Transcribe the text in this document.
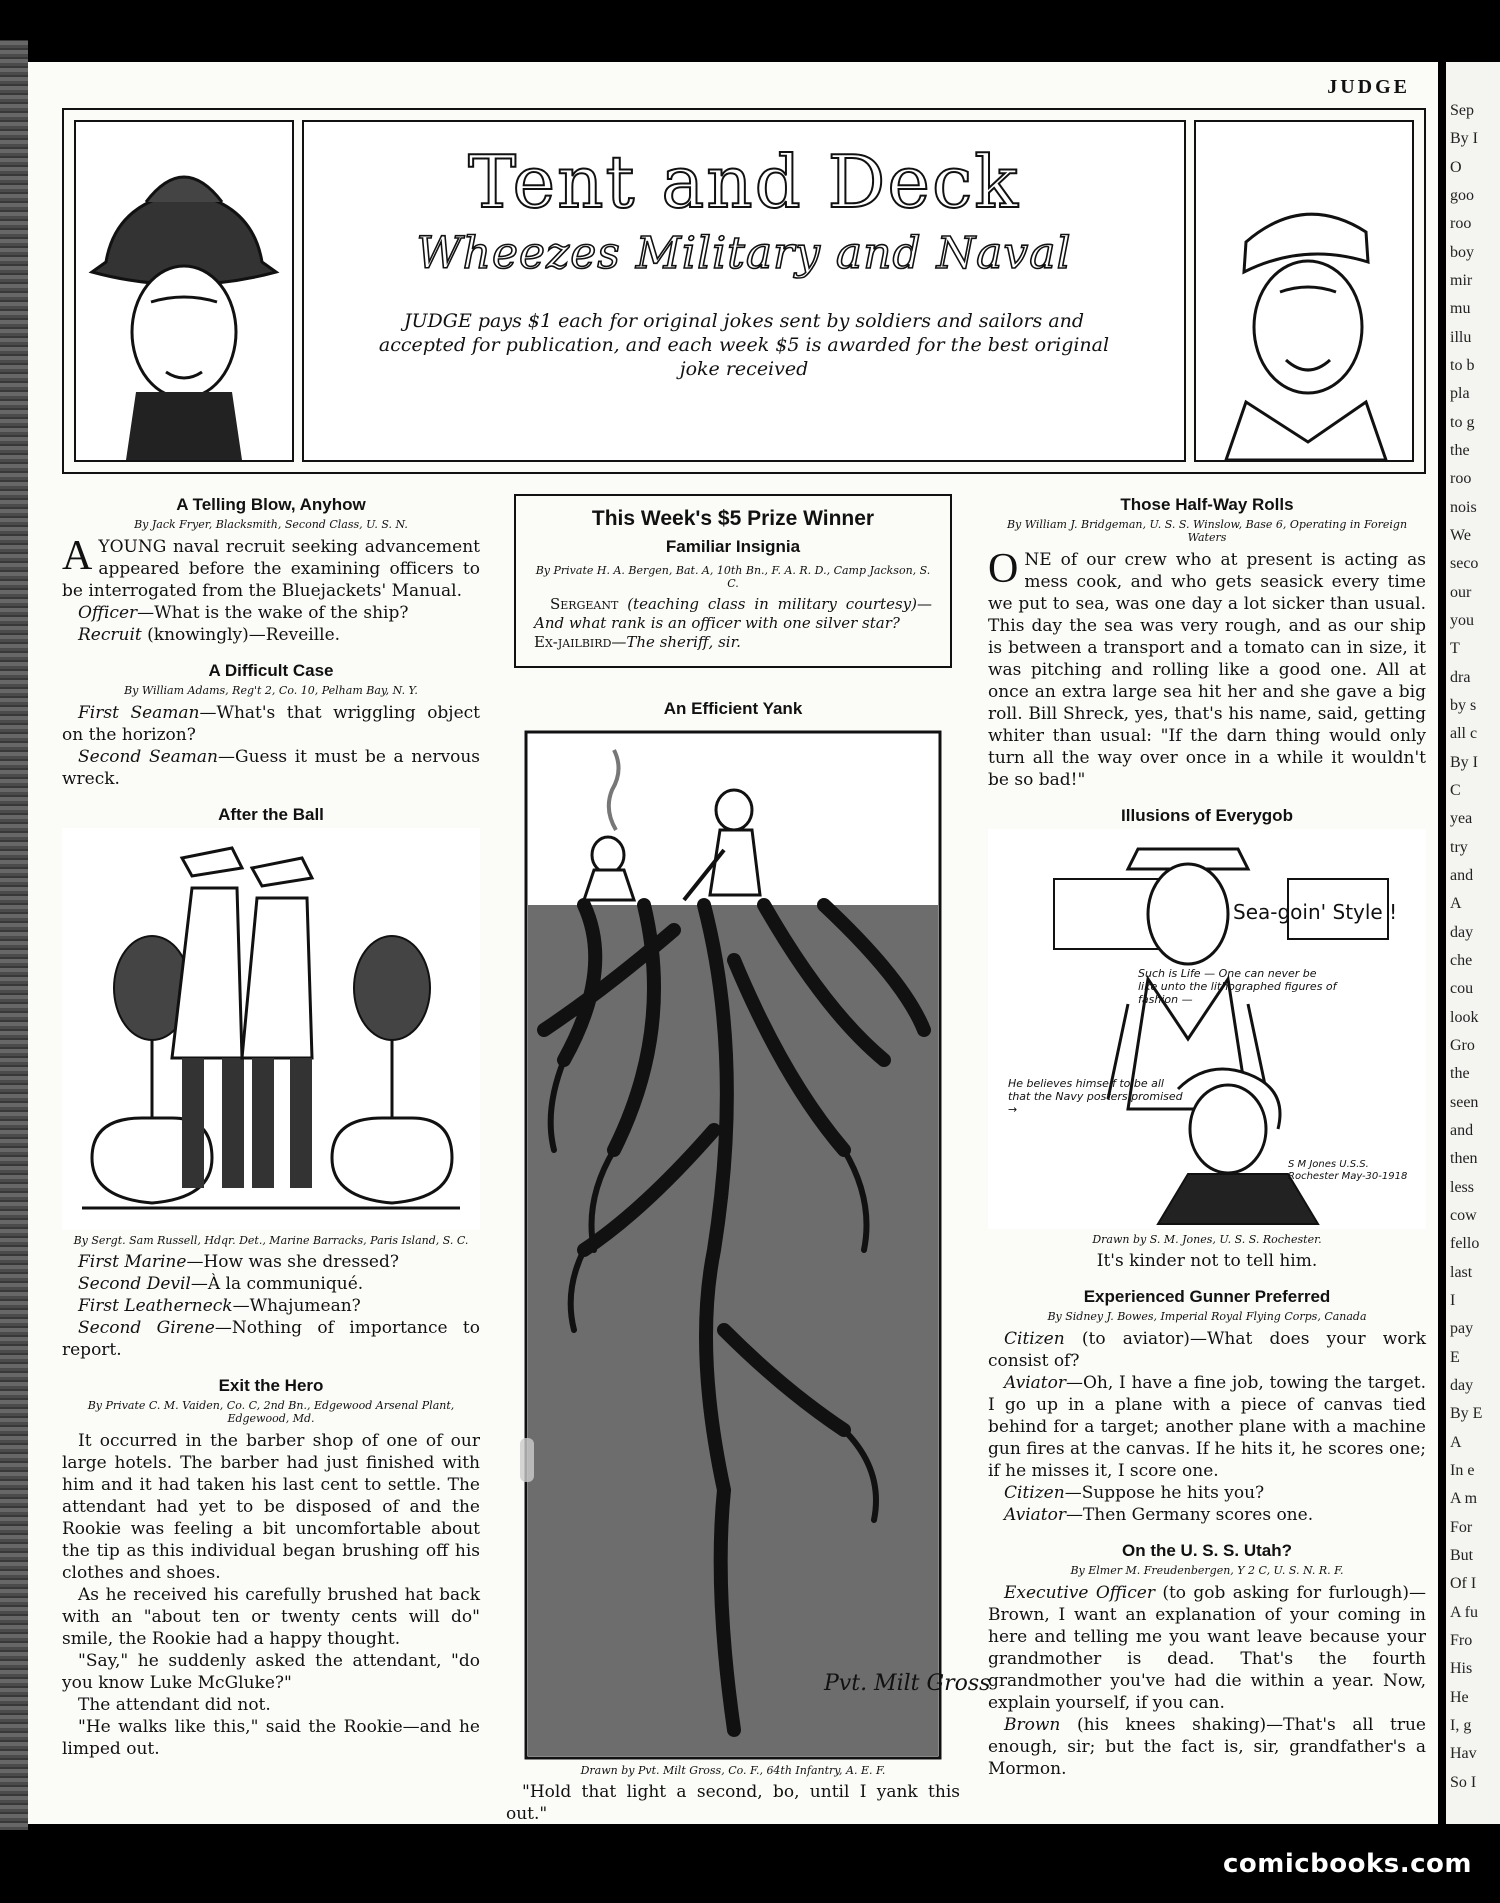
JUDGE
Tent and Deck
Wheezes Military and Naval
JUDGE pays $1 each for original jokes sent by soldiers and sailors and accepted for publication, and each week $5 is awarded for the best original joke received
A Telling Blow, Anyhow
By Jack Fryer, Blacksmith, Second Class, U. S. N.

AYOUNG naval recruit seeking advancement appeared before the examining officers to be interrogated from the Bluejackets' Manual.

Officer—What is the wake of the ship?

Recruit (knowingly)—Reveille.

A Difficult Case
By William Adams, Reg't 2, Co. 10, Pelham Bay, N. Y.

First Seaman—What's that wriggling object on the horizon?

Second Seaman—Guess it must be a nervous wreck.

After the Ball
By Sergt. Sam Russell, Hdqr. Det., Marine Barracks, Paris Island, S. C.

First Marine—How was she dressed?

Second Devil—À la communiqué.

First Leatherneck—Whajumean?

Second Girene—Nothing of importance to report.

Exit the Hero
By Private C. M. Vaiden, Co. C, 2nd Bn., Edgewood Arsenal Plant, Edgewood, Md.

It occurred in the barber shop of one of our large hotels. The barber had just finished with him and it had taken his last cent to settle. The attendant had yet to be disposed of and the Rookie was feeling a bit uncomfortable about the tip as this individual began brushing off his clothes and shoes.

As he received his carefully brushed hat back with an "about ten or twenty cents will do" smile, the Rookie had a happy thought.

"Say," he suddenly asked the attendant, "do you know Luke McGluke?"

The attendant did not.

"He walks like this," said the Rookie—and he limped out.

This Week's $5 Prize Winner
Familiar Insignia
By Private H. A. Bergen, Bat. A, 10th Bn., F. A. R. D., Camp Jackson, S. C.

Sergeant (teaching class in military courtesy)—And what rank is an officer with one silver star?

Ex-jailbird—The sheriff, sir.

An Efficient Yank
Pvt. Milt Gross
Drawn by Pvt. Milt Gross, Co. F., 64th Infantry, A. E. F.

"Hold that light a second, bo, until I yank this out."

Those Half-Way Rolls
By William J. Bridgeman, U. S. S. Winslow, Base 6, Operating in Foreign Waters

ONE of our crew who at present is acting as mess cook, and who gets seasick every time we put to sea, was one day a lot sicker than usual. This day the sea was very rough, and as our ship is between a transport and a tomato can in size, it was pitching and rolling like a good one. All at once an extra large sea hit her and she gave a big roll. Bill Shreck, yes, that's his name, said, getting whiter than usual: "If the darn thing would only turn all the way over once in a while it wouldn't be so bad!"

Illusions of Everygob
Sea-goin' Style !
Such is Life — One can never be like unto the lithographed figures of fashion —
He believes himself to be all that the Navy posters promised →
S M Jones U.S.S. Rochester May-30-1918
Drawn by S. M. Jones, U. S. S. Rochester.

It's kinder not to tell him.

Experienced Gunner Preferred
By Sidney J. Bowes, Imperial Royal Flying Corps, Canada

Citizen (to aviator)—What does your work consist of?

Aviator—Oh, I have a fine job, towing the target. I go up in a plane with a piece of canvas tied behind for a target; another plane with a machine gun fires at the canvas. If he hits it, he scores one; if he misses it, I score one.

Citizen—Suppose he hits you?

Aviator—Then Germany scores one.

On the U. S. S. Utah?
By Elmer M. Freudenbergen, Y 2 C, U. S. N. R. F.

Executive Officer (to gob asking for furlough)—Brown, I want an explanation of your coming in here and telling me you want leave because your grandmother is dead. That's the fourth grandmother you've had die within a year. Now, explain yourself, if you can.

Brown (his knees shaking)—That's all true enough, sir; but the fact is, sir, grandfather's a Mormon.

Sep
By I
O
goo
roo
boy
mir
mu
illu
to b
pla
to g
the
roo
nois
We
seco
our
you
T
dra
by s
all c
By I
C
yea
try
and
A
day
che
cou
look
Gro
the
seen
and
then
less
cow
fello
last
I
pay
E
day
By E
A
In e
A m
For
But
Of I
A fu
Fro
His
He
I, g
Hav
So I
comicbooks.com
